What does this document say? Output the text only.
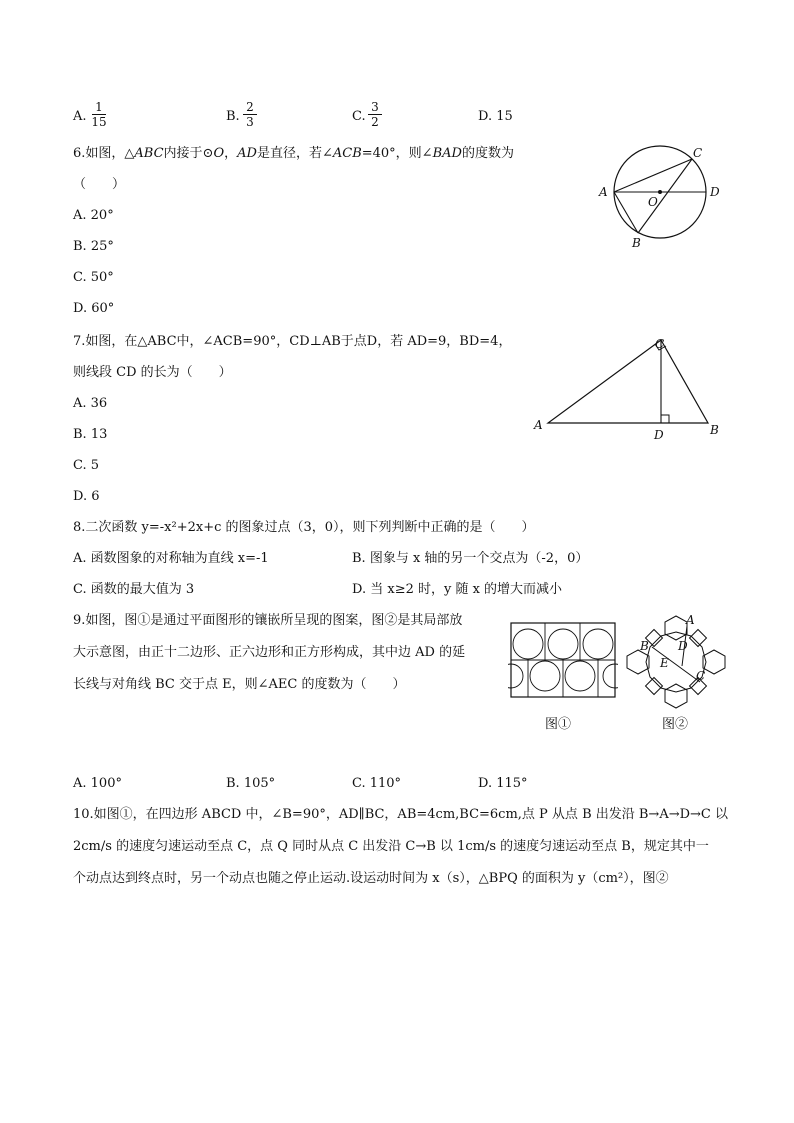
A.
1
15	B.
2
3	C.
3
2	D. 15
6.如图，△ABC内接于⊙O，AD是直径，若∠ACB=40°，则∠BAD的度数为
（　　）
A. 20°
B. 25°
C. 50°
D. 60°
A
B
C
D
O
7.如图，在△ABC中，∠ACB=90°，CD⊥AB于点D，若 AD=9，BD=4，
则线段 CD 的长为（　　）
A. 36
B. 13
C. 5
D. 6
A	B
C
D
8.二次函数 y=-x²+2x+c 的图象过点（3，0），则下列判断中正确的是（　　）
A. 函数图象的对称轴为直线 x=-1	B. 图象与 x 轴的另一个交点为（-2，0）
C. 函数的最大值为 3	D. 当 x≥2 时，y 随 x 的增大而减小
9.如图，图①是通过平面图形的镶嵌所呈现的图案，图②是其局部放
大示意图，由正十二边形、正六边形和正方形构成，其中边 AD 的延
长线与对角线 BC 交于点 E，则∠AEC 的度数为（　　）
图①
A
B
C
D
E
图②
A. 100°	B. 105°	C. 110°	D. 115°
10.如图①，在四边形 ABCD 中，∠B=90°，AD∥BC，AB=4cm,BC=6cm,点 P 从点 B 出发沿 B→A→D→C 以
2cm/s 的速度匀速运动至点 C，点 Q 同时从点 C 出发沿 C→B 以 1cm/s 的速度匀速运动至点 B，规定其中一
个动点达到终点时，另一个动点也随之停止运动.设运动时间为 x（s），△BPQ 的面积为 y（cm²），图②
